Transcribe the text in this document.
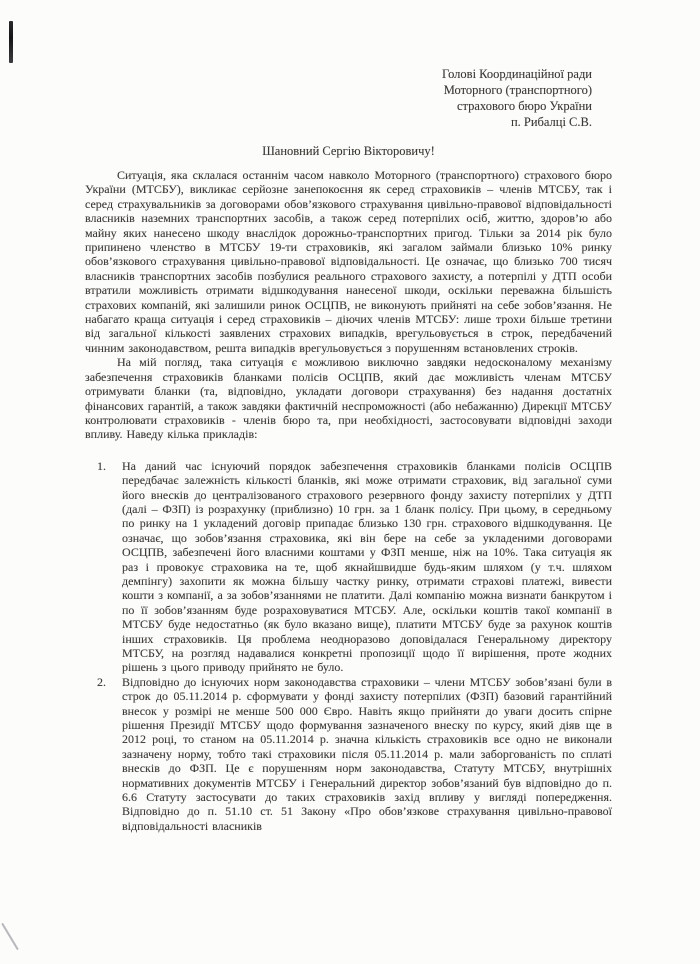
Голові Координаційної ради
Моторного (транспортного)
страхового бюро України
п. Рибалці С.В.
Шановний Сергію Вікторовичу!

Ситуація, яка склалася останнім часом навколо Моторного (транспортного) страхового бюро України (МТСБУ), викликає серйозне занепокоєння як серед страховиків – членів МТСБУ, так і серед страхувальників за договорами обов’язкового страхування цивільно-правової відповідальності власників наземних транспортних засобів, а також серед потерпілих осіб, життю, здоров’ю або майну яких нанесено шкоду внаслідок дорожньо-транспортних пригод. Тільки за 2014 рік було припинено членство в МТСБУ 19-ти страховиків, які загалом займали близько 10% ринку обов’язкового страхування цивільно-правової відповідальності. Це означає, що близько 700 тисяч власників транспортних засобів позбулися реального страхового захисту, а потерпілі у ДТП особи втратили можливість отримати відшкодування нанесеної шкоди, оскільки переважна більшість страхових компаній, які залишили ринок ОСЦПВ, не виконують прийняті на себе зобов’язання. Не набагато краща ситуація і серед страховиків – діючих членів МТСБУ: лише трохи більше третини від загальної кількості заявлених страхових випадків, врегульовується в строк, передбачений чинним законодавством, решта випадків врегульовується з порушенням встановлених строків.

На мій погляд, така ситуація є можливою виключно завдяки недосконалому механізму забезпечення страховиків бланками полісів ОСЦПВ, який дає можливість членам МТСБУ отримувати бланки (та, відповідно, укладати договори страхування) без надання достатніх фінансових гарантій, а також завдяки фактичній неспроможності (або небажанню) Дирекції МТСБУ контролювати страховиків - членів бюро та, при необхідності, застосовувати відповідні заходи впливу. Наведу кілька прикладів:

1.	На даний час існуючий порядок забезпечення страховиків бланками полісів ОСЦПВ передбачає залежність кількості бланків, які може отримати страховик, від загальної суми його внесків до централізованого страхового резервного фонду захисту потерпілих у ДТП (далі – ФЗП) із розрахунку (приблизно) 10 грн. за 1 бланк полісу. При цьому, в середньому по ринку на 1 укладений договір припадає близько 130 грн. страхового відшкодування. Це означає, що зобов’язання страховика, які він бере на себе за укладеними договорами ОСЦПВ, забезпечені його власними коштами у ФЗП менше, ніж на 10%. Така ситуація як раз і провокує страховика на те, щоб якнайшвидше будь-яким шляхом (у т.ч. шляхом демпінгу) захопити як можна більшу частку ринку, отримати страхові платежі, вивести кошти з компанії, а за зобов’язаннями не платити. Далі компанію можна визнати банкрутом і по її зобов’язанням буде розраховуватися МТСБУ. Але, оскільки коштів такої компанії в МТСБУ буде недостатньо (як було вказано вище), платити МТСБУ буде за рахунок коштів інших страховиків. Ця проблема неодноразово доповідалася Генеральному директору МТСБУ, на розгляд надавалися конкретні пропозиції щодо її вирішення, проте жодних рішень з цього приводу прийнято не було.
2.	Відповідно до існуючих норм законодавства страховики – члени МТСБУ зобов’язані були в строк до 05.11.2014 р. сформувати у фонді захисту потерпілих (ФЗП) базовий гарантійний внесок у розмірі не менше 500 000 Євро. Навіть якщо прийняти до уваги досить спірне рішення Президії МТСБУ щодо формування зазначеного внеску по курсу, який діяв ще в 2012 році, то станом на 05.11.2014 р. значна кількість страховиків все одно не виконали зазначену норму, тобто такі страховики після 05.11.2014 р. мали заборгованість по сплаті внесків до ФЗП. Це є порушенням норм законодавства, Статуту МТСБУ, внутрішніх нормативних документів МТСБУ і Генеральний директор зобов’язаний був відповідно до п. 6.6 Статуту застосувати до таких страховиків захід впливу у вигляді попередження. Відповідно до п. 51.10 ст. 51 Закону «Про обов’язкове страхування цивільно-правової відповідальності власників
